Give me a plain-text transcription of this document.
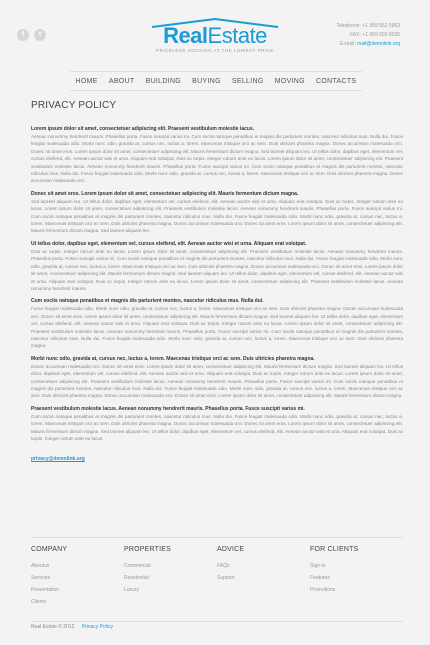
f	t	RealEstate
PRICELESS HOUSING AT THE LOWEST PRICE
Telephone: +1 959 552 5963
FAX: +1 959 603 6035
E-mail: mail@demolink.org
HOME ABOUT BUILDING BUYING SELLING MOVING CONTACTS
PRIVACY POLICY
Lorem ipsum dolor sit amet, consectetuer adipiscing elit. Praesent vestibulum molestie lacus.
Aenean nonummy hendrerit mauris. Phasellus porta. Fusce suscipit varius mi. Cum sociis natoque penatibus et magnis dis parturient montes, nascetur ridiculus mus. Nulla dui. Fusce feugiat malesuada odio. Morbi nunc odio, gravida at, cursus nec, luctus a, lorem. Maecenas tristique orci ac sem. Duis ultricies pharetra magna. Donec accumsan malesuada orci. Donec sit amet eros. Lorem ipsum dolor sit amet, consectetuer adipiscing elit. Mauris fermentum dictum magna. Sed laoreet aliquam leo. Ut tellus dolor, dapibus eget, elementum vel, cursus eleifend, elit. Aenean auctor wisi et urna. Aliquam erat volutpat. Duis ac turpis. Integer rutrum ante eu lacus. Lorem ipsum dolor sit amet, consectetuer adipiscing elit. Praesent vestibulum molestie lacus. Aenean nonummy hendrerit mauris. Phasellus porta. Fusce suscipit varius mi. Cum sociis natoque penatibus et magnis dis parturient montes, nascetur ridiculus mus. Nulla dui. Fusce feugiat malesuada odio. Morbi nunc odio, gravida at, cursus nec, luctus a, lorem. Maecenas tristique orci ac sem. Duis ultricies pharetra magna. Donec accumsan malesuada orci.
Donec sit amet eros. Lorem ipsum dolor sit amet, consectetuer adipiscing elit. Mauris fermentum dictum magna.
Sed laoreet aliquam leo. Ut tellus dolor, dapibus eget, elementum vel, cursus eleifend, elit. Aenean auctor wisi et urna. Aliquam erat volutpat. Duis ac turpis. Integer rutrum ante eu lacus. Lorem ipsum dolor sit amet, consectetuer adipiscing elit. Praesent vestibulum molestie lacus. Aenean nonummy hendrerit mauris. Phasellus porta. Fusce suscipit varius mi. Cum sociis natoque penatibus et magnis dis parturient montes, nascetur ridiculus mus. Nulla dui. Fusce feugiat malesuada odio. Morbi nunc odio, gravida at, cursus nec, luctus a, lorem. Maecenas tristique orci ac sem. Duis ultricies pharetra magna. Donec accumsan malesuada orci. Donec sit amet eros. Lorem ipsum dolor sit amet, consectetuer adipiscing elit. Mauris fermentum dictum magna. Sed laoreet aliquam leo.
Ut tellus dolor, dapibus eget, elementum vel, cursus eleifend, elit. Aenean auctor wisi et urna. Aliquam erat volutpat.
Duis ac turpis. Integer rutrum ante eu lacus. Lorem ipsum dolor sit amet, consectetuer adipiscing elit. Praesent vestibulum molestie lacus. Aenean nonummy hendrerit mauris. Phasellus porta. Fusce suscipit varius mi. Cum sociis natoque penatibus et magnis dis parturient montes, nascetur ridiculus mus. Nulla dui. Fusce feugiat malesuada odio. Morbi nunc odio, gravida at, cursus nec, luctus a, lorem. Maecenas tristique orci ac sem. Duis ultricies pharetra magna. Donec accumsan malesuada orci. Donec sit amet eros. Lorem ipsum dolor sit amet, consectetuer adipiscing elit. Mauris fermentum dictum magna. Sed laoreet aliquam leo. Ut tellus dolor, dapibus eget, elementum vel, cursus eleifend, elit. Aenean auctor wisi et urna. Aliquam erat volutpat. Duis ac turpis. Integer rutrum ante eu lacus. Lorem ipsum dolor sit amet, consectetuer adipiscing elit. Praesent vestibulum molestie lacus. Aenean nonummy hendrerit mauris.
Cum sociis natoque penatibus et magnis dis parturient montes, nascetur ridiculus mus. Nulla dui.
Fusce feugiat malesuada odio. Morbi nunc odio, gravida at, cursus nec, luctus a, lorem. Maecenas tristique orci ac sem. Duis ultricies pharetra magna. Donec accumsan malesuada orci. Donec sit amet eros. Lorem ipsum dolor sit amet, consectetuer adipiscing elit. Mauris fermentum dictum magna. Sed laoreet aliquam leo. Ut tellus dolor, dapibus eget, elementum vel, cursus eleifend, elit. Aenean auctor wisi et urna. Aliquam erat volutpat. Duis ac turpis. Integer rutrum ante eu lacus. Lorem ipsum dolor sit amet, consectetuer adipiscing elit. Praesent vestibulum molestie lacus. Aenean nonummy hendrerit mauris. Phasellus porta. Fusce suscipit varius mi. Cum sociis natoque penatibus et magnis dis parturient montes, nascetur ridiculus mus. Nulla dui. Fusce feugiat malesuada odio. Morbi nunc odio, gravida at, cursus nec, luctus a, lorem. Maecenas tristique orci ac sem. Duis ultricies pharetra magna.
Morbi nunc odio, gravida at, cursus nec, luctus a, lorem. Maecenas tristique orci ac sem. Duis ultricies pharetra magna.
Donec accumsan malesuada orci. Donec sit amet eros. Lorem ipsum dolor sit amet, consectetuer adipiscing elit. Mauris fermentum dictum magna. Sed laoreet aliquam leo. Ut tellus dolor, dapibus eget, elementum vel, cursus eleifend, elit. Aenean auctor wisi et urna. Aliquam erat volutpat. Duis ac turpis. Integer rutrum ante eu lacus. Lorem ipsum dolor sit amet, consectetuer adipiscing elit. Praesent vestibulum molestie lacus. Aenean nonummy hendrerit mauris. Phasellus porta. Fusce suscipit varius mi. Cum sociis natoque penatibus et magnis dis parturient montes, nascetur ridiculus mus. Nulla dui. Fusce feugiat malesuada odio. Morbi nunc odio, gravida at, cursus nec, luctus a, lorem. Maecenas tristique orci ac sem. Duis ultricies pharetra magna. Donec accumsan malesuada orci. Donec sit amet eros. Lorem ipsum dolor sit amet, consectetuer adipiscing elit. Mauris fermentum dictum magna.
Praesent vestibulum molestie lacus. Aenean nonummy hendrerit mauris. Phasellus porta. Fusce suscipit varius mi.
Cum sociis natoque penatibus et magnis dis parturient montes, nascetur ridiculus mus. Nulla dui. Fusce feugiat malesuada odio. Morbi nunc odio, gravida at, cursus nec, luctus a, lorem. Maecenas tristique orci ac sem. Duis ultricies pharetra magna. Donec accumsan malesuada orci. Donec sit amet eros. Lorem ipsum dolor sit amet, consectetuer adipiscing elit. Mauris fermentum dictum magna. Sed laoreet aliquam leo. Ut tellus dolor, dapibus eget, elementum vel, cursus eleifend, elit. Aenean auctor wisi et urna. Aliquam erat volutpat. Duis ac turpis. Integer rutrum ante eu lacus.
privacy@demolink.org
COMPANY
Aboutus
Services
Presentation
Clients
PROPERTIES
Commercial
Residential
Luxury
ADVICE
FAQs
Support
FOR CLIENTS
Sign-in
Features
Promotions
Real Estate © 2012 Privacy Policy
